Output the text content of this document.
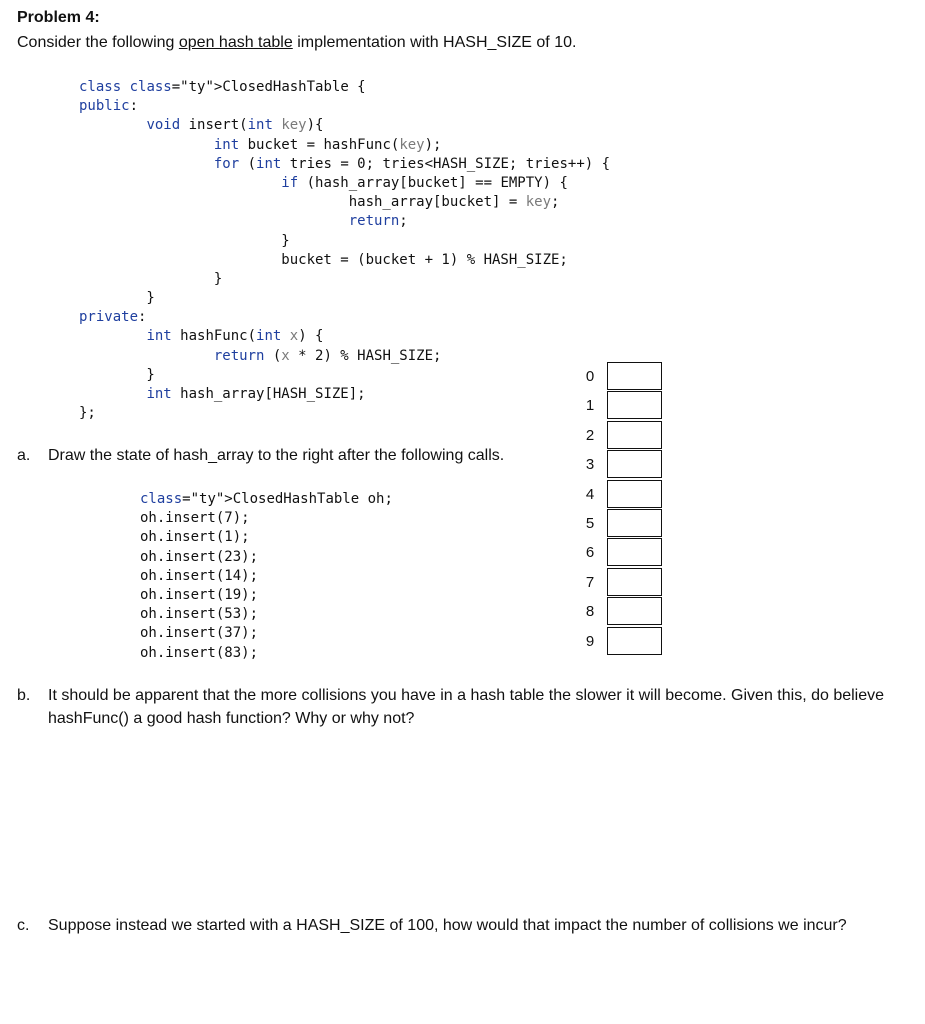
Problem 4:
Consider the following open hash table implementation with HASH_SIZE of 10.
class class="ty">ClosedHashTable {
public:
void insert(int key){
int bucket = hashFunc(key);
for (int tries = 0; tries<HASH_SIZE; tries++) {
if (hash_array[bucket] == EMPTY) {
hash_array[bucket] = key;
return;
}
bucket = (bucket + 1) % HASH_SIZE;
}
}
private:
int hashFunc(int x) {
return (x * 2) % HASH_SIZE;
}
int hash_array[HASH_SIZE];
};
a. Draw the state of hash_array to the right after the following calls.
class="ty">ClosedHashTable oh;
oh.insert(7);
oh.insert(1);
oh.insert(23);
oh.insert(14);
oh.insert(19);
oh.insert(53);
oh.insert(37);
oh.insert(83);
0
1
2
3
4
5
6
7
8
9
b. It should be apparent that the more collisions you have in a hash table the slower it will become. Given this, do believe hashFunc() a good hash function? Why or why not?
c. Suppose instead we started with a HASH_SIZE of 100, how would that impact the number of collisions we incur?
